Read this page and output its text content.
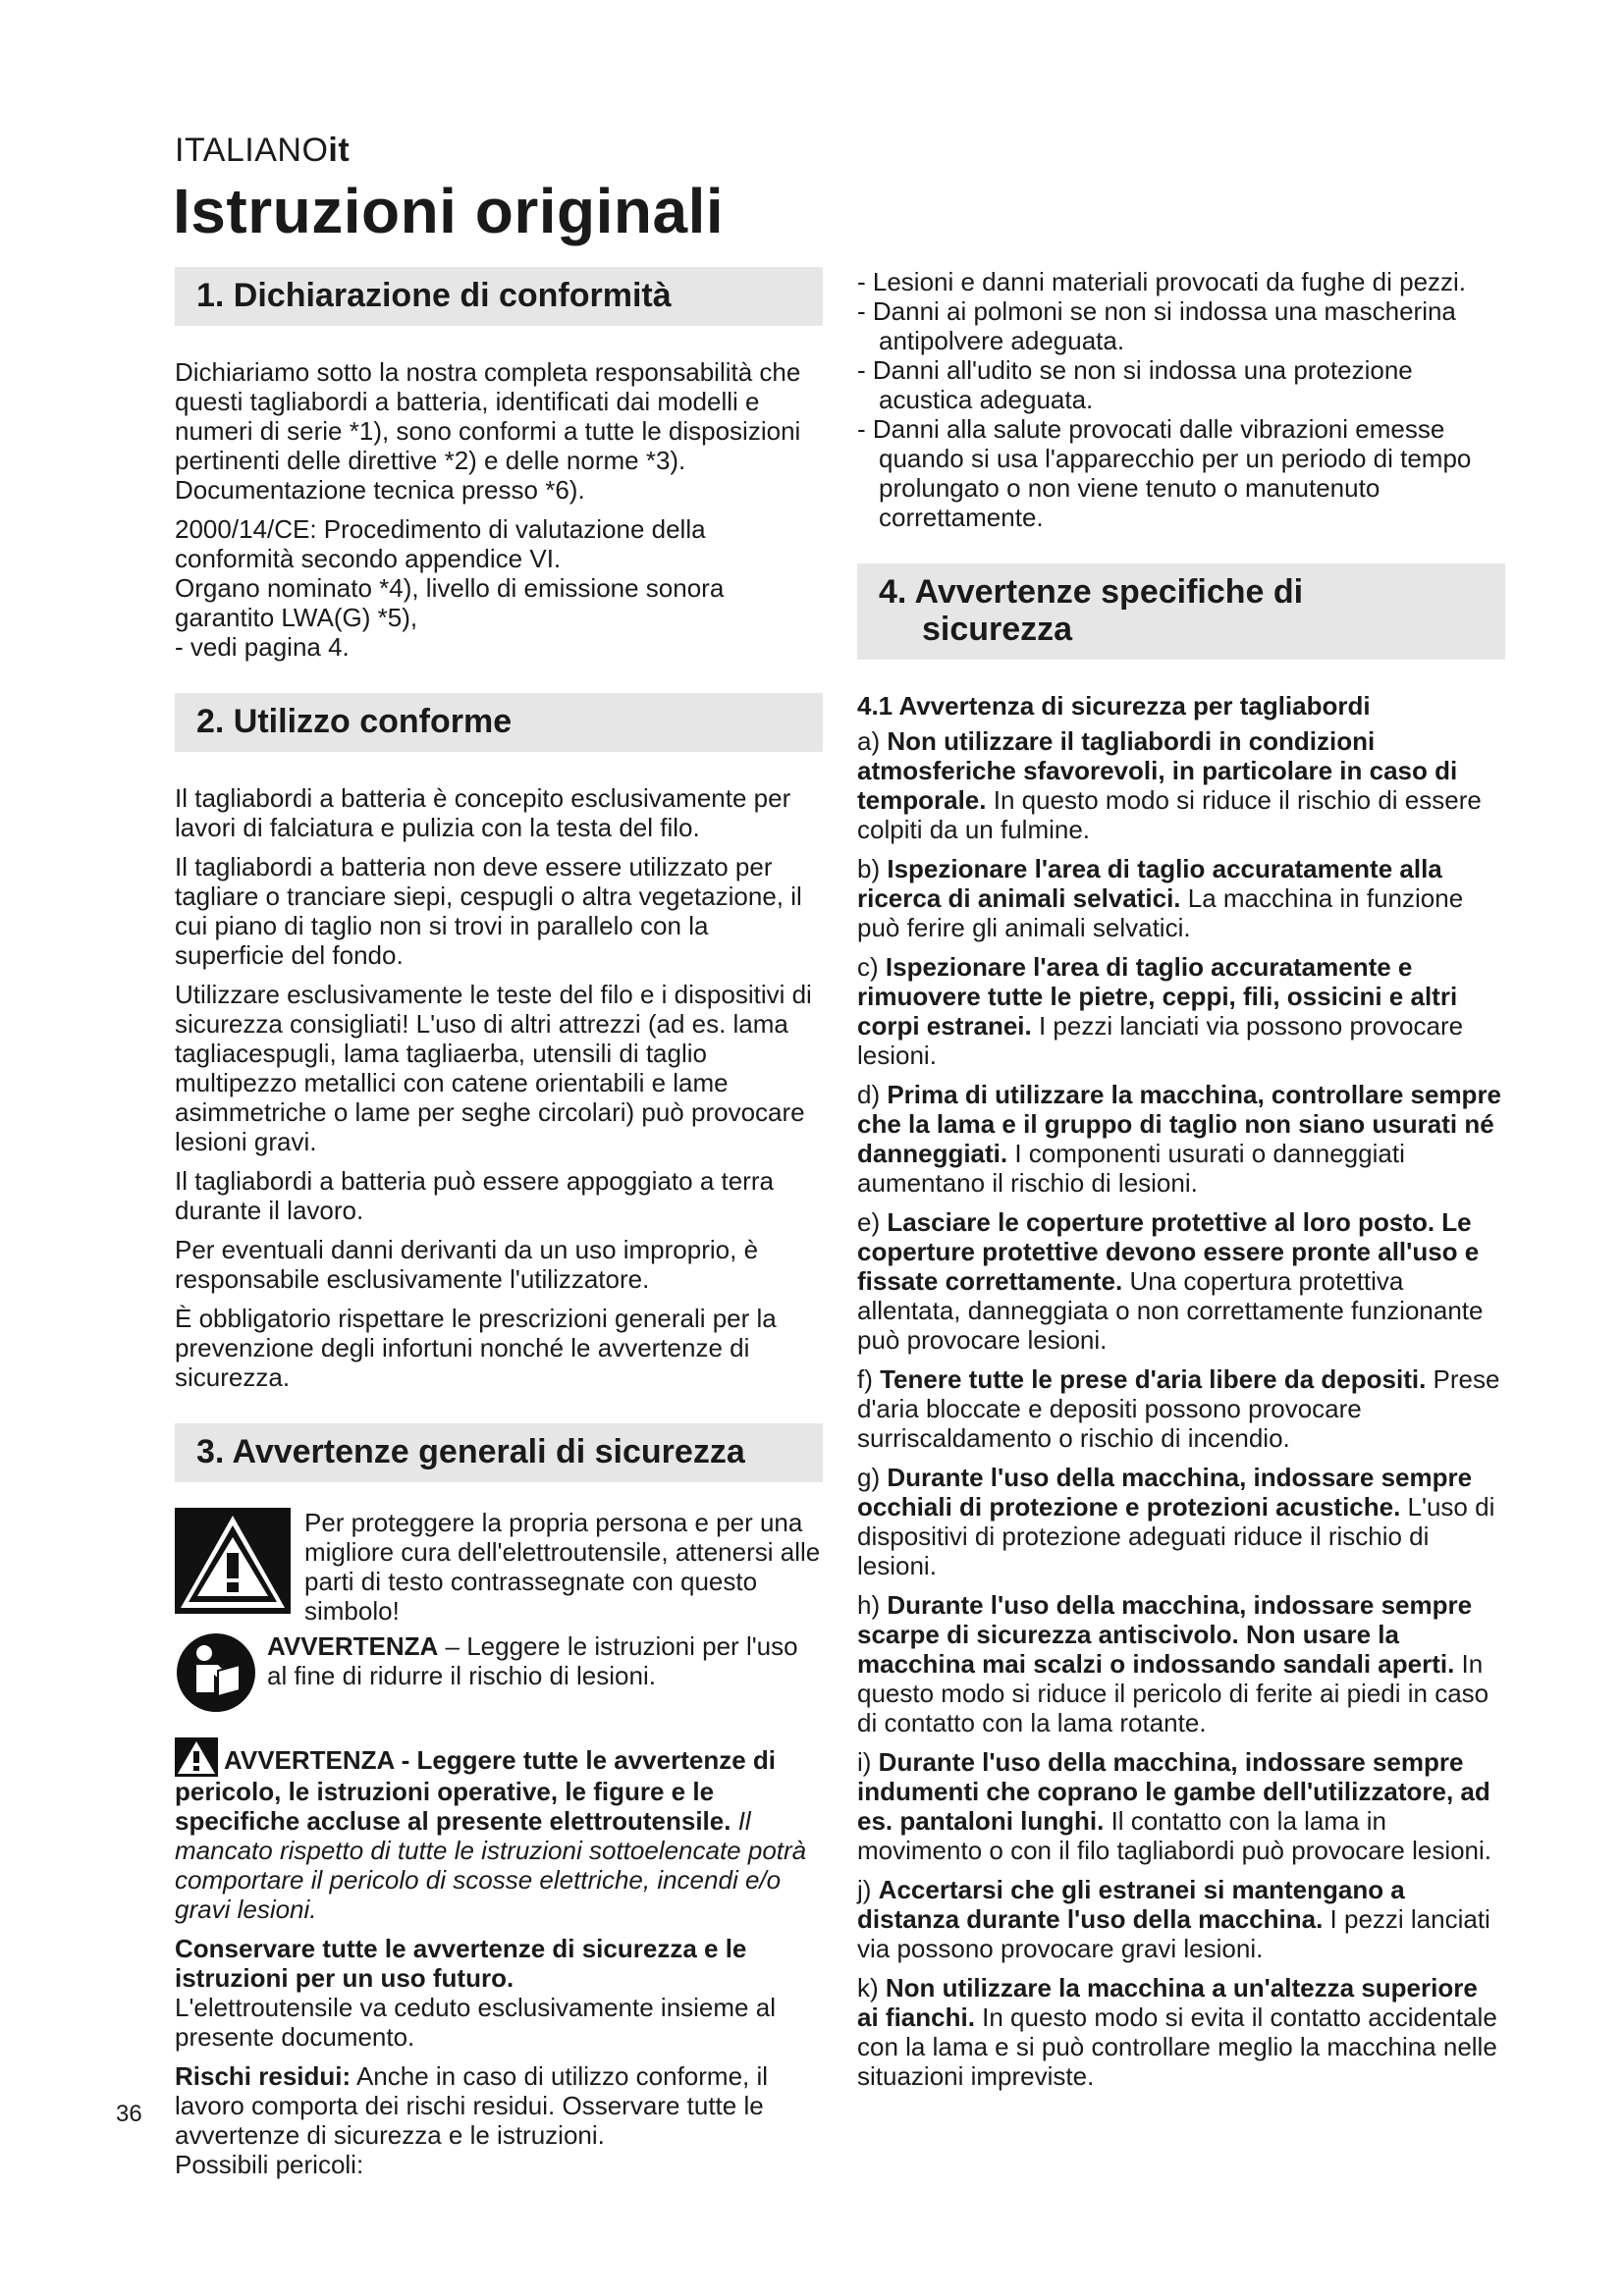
ITALIANOit
Istruzioni originali
1. Dichiarazione di conformità

Dichiariamo sotto la nostra completa responsabilità che questi tagliabordi a batteria, identificati dai modelli e numeri di serie *1), sono conformi a tutte le disposizioni pertinenti delle direttive *2) e delle norme *3). Documentazione tecnica presso *6).

2000/14/CE: Procedimento di valutazione della conformità secondo appendice VI.

Organo nominato *4), livello di emissione sonora garantito LWA(G) *5),

- vedi pagina 4.

2. Utilizzo conforme

Il tagliabordi a batteria è concepito esclusivamente per lavori di falciatura e pulizia con la testa del filo.

Il tagliabordi a batteria non deve essere utilizzato per tagliare o tranciare siepi, cespugli o altra vegetazione, il cui piano di taglio non si trovi in parallelo con la superficie del fondo.

Utilizzare esclusivamente le teste del filo e i dispositivi di sicurezza consigliati! L'uso di altri attrezzi (ad es. lama tagliacespugli, lama tagliaerba, utensili di taglio multipezzo metallici con catene orientabili e lame asimmetriche o lame per seghe circolari) può provocare lesioni gravi.

Il tagliabordi a batteria può essere appoggiato a terra durante il lavoro.

Per eventuali danni derivanti da un uso improprio, è responsabile esclusivamente l'utilizzatore.

È obbligatorio rispettare le prescrizioni generali per la prevenzione degli infortuni nonché le avvertenze di sicurezza.

3. Avvertenze generali di sicurezza
Per proteggere la propria persona e per una migliore cura dell'elettroutensile, attenersi alle parti di testo contrassegnate con questo simbolo!
AVVERTENZA – Leggere le istruzioni per l'uso al fine di ridurre il rischio di lesioni.

AVVERTENZA - Leggere tutte le avvertenze di pericolo, le istruzioni operative, le figure e le specifiche accluse al presente elettroutensile. Il mancato rispetto di tutte le istruzioni sottoelencate potrà comportare il pericolo di scosse elettriche, incendi e/o gravi lesioni.

Conservare tutte le avvertenze di sicurezza e le istruzioni per un uso futuro.

L'elettroutensile va ceduto esclusivamente insieme al presente documento.

Rischi residui: Anche in caso di utilizzo conforme, il lavoro comporta dei rischi residui. Osservare tutte le avvertenze di sicurezza e le istruzioni.

Possibili pericoli:

- Lesioni e danni materiali provocati da fughe di pezzi.

- Danni ai polmoni se non si indossa una mascherina antipolvere adeguata.

- Danni all'udito se non si indossa una protezione acustica adeguata.

- Danni alla salute provocati dalle vibrazioni emesse quando si usa l'apparecchio per un periodo di tempo prolungato o non viene tenuto o manutenuto correttamente.

4. Avvertenze specifiche di
sicurezza

4.1 Avvertenza di sicurezza per tagliabordi

a) Non utilizzare il tagliabordi in condizioni atmosferiche sfavorevoli, in particolare in caso di temporale. In questo modo si riduce il rischio di essere colpiti da un fulmine.

b) Ispezionare l'area di taglio accuratamente alla ricerca di animali selvatici. La macchina in funzione può ferire gli animali selvatici.

c) Ispezionare l'area di taglio accuratamente e rimuovere tutte le pietre, ceppi, fili, ossicini e altri corpi estranei. I pezzi lanciati via possono provocare lesioni.

d) Prima di utilizzare la macchina, controllare sempre che la lama e il gruppo di taglio non siano usurati né danneggiati. I componenti usurati o danneggiati aumentano il rischio di lesioni.

e) Lasciare le coperture protettive al loro posto. Le coperture protettive devono essere pronte all'uso e fissate correttamente. Una copertura protettiva allentata, danneggiata o non correttamente funzionante può provocare lesioni.

f) Tenere tutte le prese d'aria libere da depositi. Prese d'aria bloccate e depositi possono provocare surriscaldamento o rischio di incendio.

g) Durante l'uso della macchina, indossare sempre occhiali di protezione e protezioni acustiche. L'uso di dispositivi di protezione adeguati riduce il rischio di lesioni.

h) Durante l'uso della macchina, indossare sempre scarpe di sicurezza antiscivolo. Non usare la macchina mai scalzi o indossando sandali aperti. In questo modo si riduce il pericolo di ferite ai piedi in caso di contatto con la lama rotante.

i) Durante l'uso della macchina, indossare sempre indumenti che coprano le gambe dell'utilizzatore, ad es. pantaloni lunghi. Il contatto con la lama in movimento o con il filo tagliabordi può provocare lesioni.

j) Accertarsi che gli estranei si mantengano a distanza durante l'uso della macchina. I pezzi lanciati via possono provocare gravi lesioni.

k) Non utilizzare la macchina a un'altezza superiore ai fianchi. In questo modo si evita il contatto accidentale con la lama e si può controllare meglio la macchina nelle situazioni impreviste.

36
